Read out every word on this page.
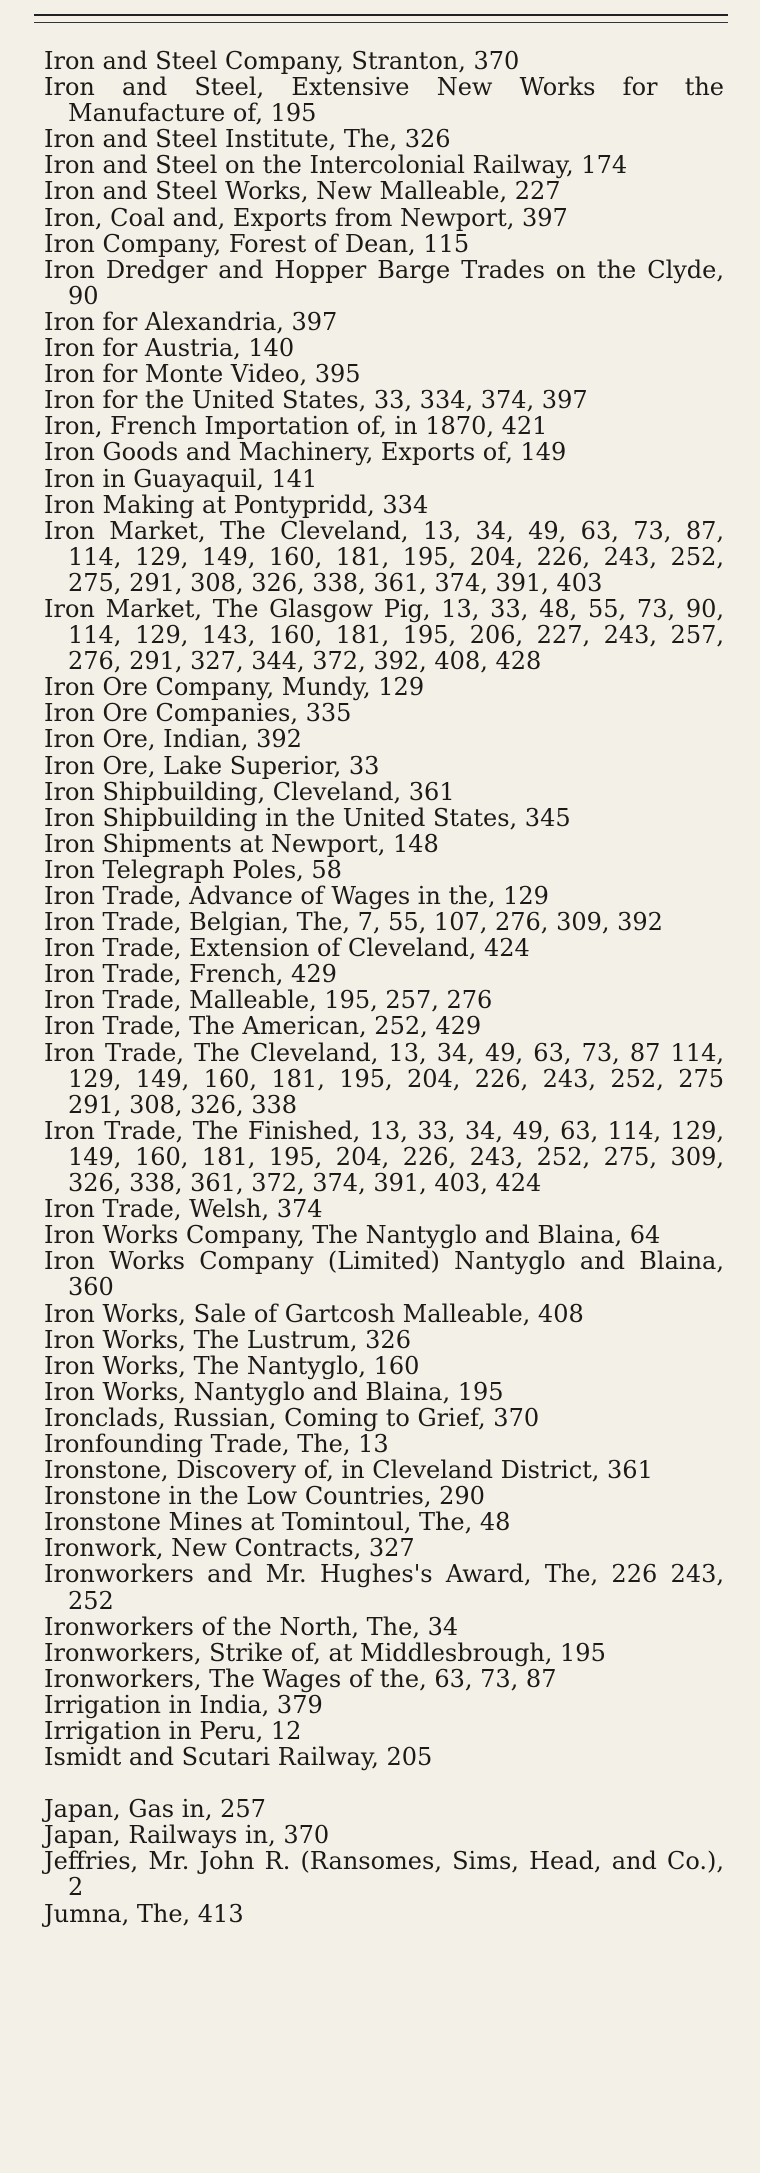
Iron and Steel Company, Stranton, 370

Iron and Steel, Extensive New Works for the Manufacture of, 195

Iron and Steel Institute, The, 326

Iron and Steel on the Intercolonial Railway, 174

Iron and Steel Works, New Malleable, 227

Iron, Coal and, Exports from Newport, 397

Iron Company, Forest of Dean, 115

Iron Dredger and Hopper Barge Trades on the Clyde, 90

Iron for Alexandria, 397

Iron for Austria, 140

Iron for Monte Video, 395

Iron for the United States, 33, 334, 374, 397

Iron, French Importation of, in 1870, 421

Iron Goods and Machinery, Exports of, 149

Iron in Guayaquil, 141

Iron Making at Pontypridd, 334

Iron Market, The Cleveland, 13, 34, 49, 63, 73, 87, 114, 129, 149, 160, 181, 195, 204, 226, 243, 252, 275, 291, 308, 326, 338, 361, 374, 391, 403

Iron Market, The Glasgow Pig, 13, 33, 48, 55, 73, 90, 114, 129, 143, 160, 181, 195, 206, 227, 243, 257, 276, 291, 327, 344, 372, 392, 408, 428

Iron Ore Company, Mundy, 129

Iron Ore Companies, 335

Iron Ore, Indian, 392

Iron Ore, Lake Superior, 33

Iron Shipbuilding, Cleveland, 361

Iron Shipbuilding in the United States, 345

Iron Shipments at Newport, 148

Iron Telegraph Poles, 58

Iron Trade, Advance of Wages in the, 129

Iron Trade, Belgian, The, 7, 55, 107, 276, 309, 392

Iron Trade, Extension of Cleveland, 424

Iron Trade, French, 429

Iron Trade, Malleable, 195, 257, 276

Iron Trade, The American, 252, 429

Iron Trade, The Cleveland, 13, 34, 49, 63, 73, 87 114, 129, 149, 160, 181, 195, 204, 226, 243, 252, 275 291, 308, 326, 338

Iron Trade, The Finished, 13, 33, 34, 49, 63, 114, 129, 149, 160, 181, 195, 204, 226, 243, 252, 275, 309, 326, 338, 361, 372, 374, 391, 403, 424

Iron Trade, Welsh, 374

Iron Works Company, The Nantyglo and Blaina, 64

Iron Works Company (Limited) Nantyglo and Blaina, 360

Iron Works, Sale of Gartcosh Malleable, 408

Iron Works, The Lustrum, 326

Iron Works, The Nantyglo, 160

Iron Works, Nantyglo and Blaina, 195

Ironclads, Russian, Coming to Grief, 370

Ironfounding Trade, The, 13

Ironstone, Discovery of, in Cleveland District, 361

Ironstone in the Low Countries, 290

Ironstone Mines at Tomintoul, The, 48

Ironwork, New Contracts, 327

Ironworkers and Mr. Hughes's Award, The, 226 243, 252

Ironworkers of the North, The, 34

Ironworkers, Strike of, at Middlesbrough, 195

Ironworkers, The Wages of the, 63, 73, 87

Irrigation in India, 379

Irrigation in Peru, 12

Ismidt and Scutari Railway, 205

Japan, Gas in, 257

Japan, Railways in, 370

Jeffries, Mr. John R. (Ransomes, Sims, Head, and Co.), 2

Jumna, The, 413
